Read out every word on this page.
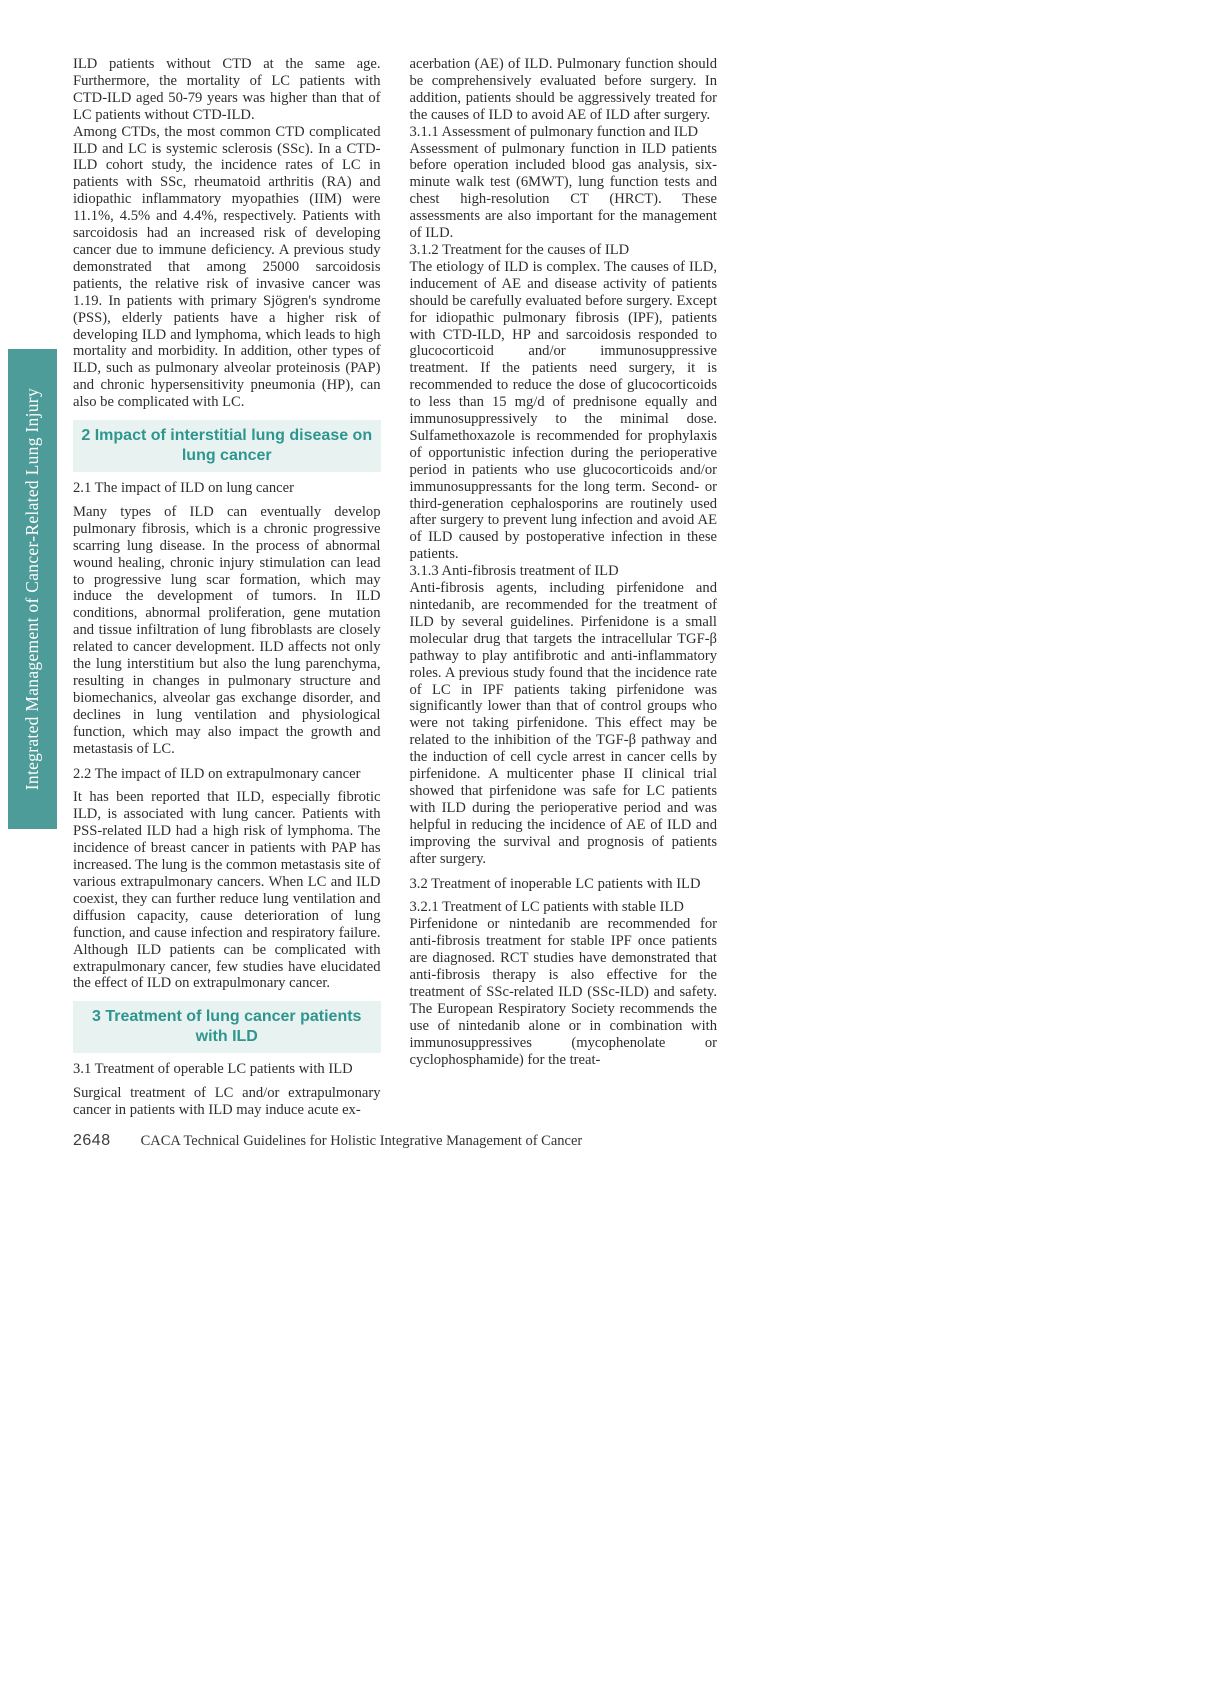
Integrated Management of Cancer-Related Lung Injury

ILD patients without CTD at the same age. Furthermore, the mortality of LC patients with CTD-ILD aged 50-79 years was higher than that of LC patients without CTD-ILD.

Among CTDs, the most common CTD complicated ILD and LC is systemic sclerosis (SSc). In a CTD-ILD cohort study, the incidence rates of LC in patients with SSc, rheumatoid arthritis (RA) and idiopathic inflammatory myopathies (IIM) were 11.1%, 4.5% and 4.4%, respectively. Patients with sarcoidosis had an increased risk of developing cancer due to immune deficiency. A previous study demonstrated that among 25000 sarcoidosis patients, the relative risk of invasive cancer was 1.19. In patients with primary Sjögren's syndrome (PSS), elderly patients have a higher risk of developing ILD and lymphoma, which leads to high mortality and morbidity. In addition, other types of ILD, such as pulmonary alveolar proteinosis (PAP) and chronic hypersensitivity pneumonia (HP), can also be complicated with LC.

2 Impact of interstitial lung disease on lung cancer

2.1 The impact of ILD on lung cancer

Many types of ILD can eventually develop pulmonary fibrosis, which is a chronic progressive scarring lung disease. In the process of abnormal wound healing, chronic injury stimulation can lead to progressive lung scar formation, which may induce the development of tumors. In ILD conditions, abnormal proliferation, gene mutation and tissue infiltration of lung fibroblasts are closely related to cancer development. ILD affects not only the lung interstitium but also the lung parenchyma, resulting in changes in pulmonary structure and biomechanics, alveolar gas exchange disorder, and declines in lung ventilation and physiological function, which may also impact the growth and metastasis of LC.

2.2 The impact of ILD on extrapulmonary cancer

It has been reported that ILD, especially fibrotic ILD, is associated with lung cancer. Patients with PSS-related ILD had a high risk of lymphoma. The incidence of breast cancer in patients with PAP has increased. The lung is the common metastasis site of various extrapulmonary cancers. When LC and ILD coexist, they can further reduce lung ventilation and diffusion capacity, cause deterioration of lung function, and cause infection and respiratory failure. Although ILD patients can be complicated with extrapulmonary cancer, few studies have elucidated the effect of ILD on extrapulmonary cancer.

3 Treatment of lung cancer patients with ILD

3.1 Treatment of operable LC patients with ILD

Surgical treatment of LC and/or extrapulmonary cancer in patients with ILD may induce acute ex-

acerbation (AE) of ILD. Pulmonary function should be comprehensively evaluated before surgery. In addition, patients should be aggressively treated for the causes of ILD to avoid AE of ILD after surgery.

3.1.1 Assessment of pulmonary function and ILD

Assessment of pulmonary function in ILD patients before operation included blood gas analysis, six-minute walk test (6MWT), lung function tests and chest high-resolution CT (HRCT). These assessments are also important for the management of ILD.

3.1.2 Treatment for the causes of ILD

The etiology of ILD is complex. The causes of ILD, inducement of AE and disease activity of patients should be carefully evaluated before surgery. Except for idiopathic pulmonary fibrosis (IPF), patients with CTD-ILD, HP and sarcoidosis responded to glucocorticoid and/or immunosuppressive treatment. If the patients need surgery, it is recommended to reduce the dose of glucocorticoids to less than 15 mg/d of prednisone equally and immunosuppressively to the minimal dose. Sulfamethoxazole is recommended for prophylaxis of opportunistic infection during the perioperative period in patients who use glucocorticoids and/or immunosuppressants for the long term. Second- or third-generation cephalosporins are routinely used after surgery to prevent lung infection and avoid AE of ILD caused by postoperative infection in these patients.

3.1.3 Anti-fibrosis treatment of ILD

Anti-fibrosis agents, including pirfenidone and nintedanib, are recommended for the treatment of ILD by several guidelines. Pirfenidone is a small molecular drug that targets the intracellular TGF-β pathway to play antifibrotic and anti-inflammatory roles. A previous study found that the incidence rate of LC in IPF patients taking pirfenidone was significantly lower than that of control groups who were not taking pirfenidone. This effect may be related to the inhibition of the TGF-β pathway and the induction of cell cycle arrest in cancer cells by pirfenidone. A multicenter phase II clinical trial showed that pirfenidone was safe for LC patients with ILD during the perioperative period and was helpful in reducing the incidence of AE of ILD and improving the survival and prognosis of patients after surgery.

3.2 Treatment of inoperable LC patients with ILD

3.2.1 Treatment of LC patients with stable ILD

Pirfenidone or nintedanib are recommended for anti-fibrosis treatment for stable IPF once patients are diagnosed. RCT studies have demonstrated that anti-fibrosis therapy is also effective for the treatment of SSc-related ILD (SSc-ILD) and safety. The European Respiratory Society recommends the use of nintedanib alone or in combination with immunosuppressives (mycophenolate or cyclophosphamide) for the treat-

2648 CACA Technical Guidelines for Holistic Integrative Management of Cancer
